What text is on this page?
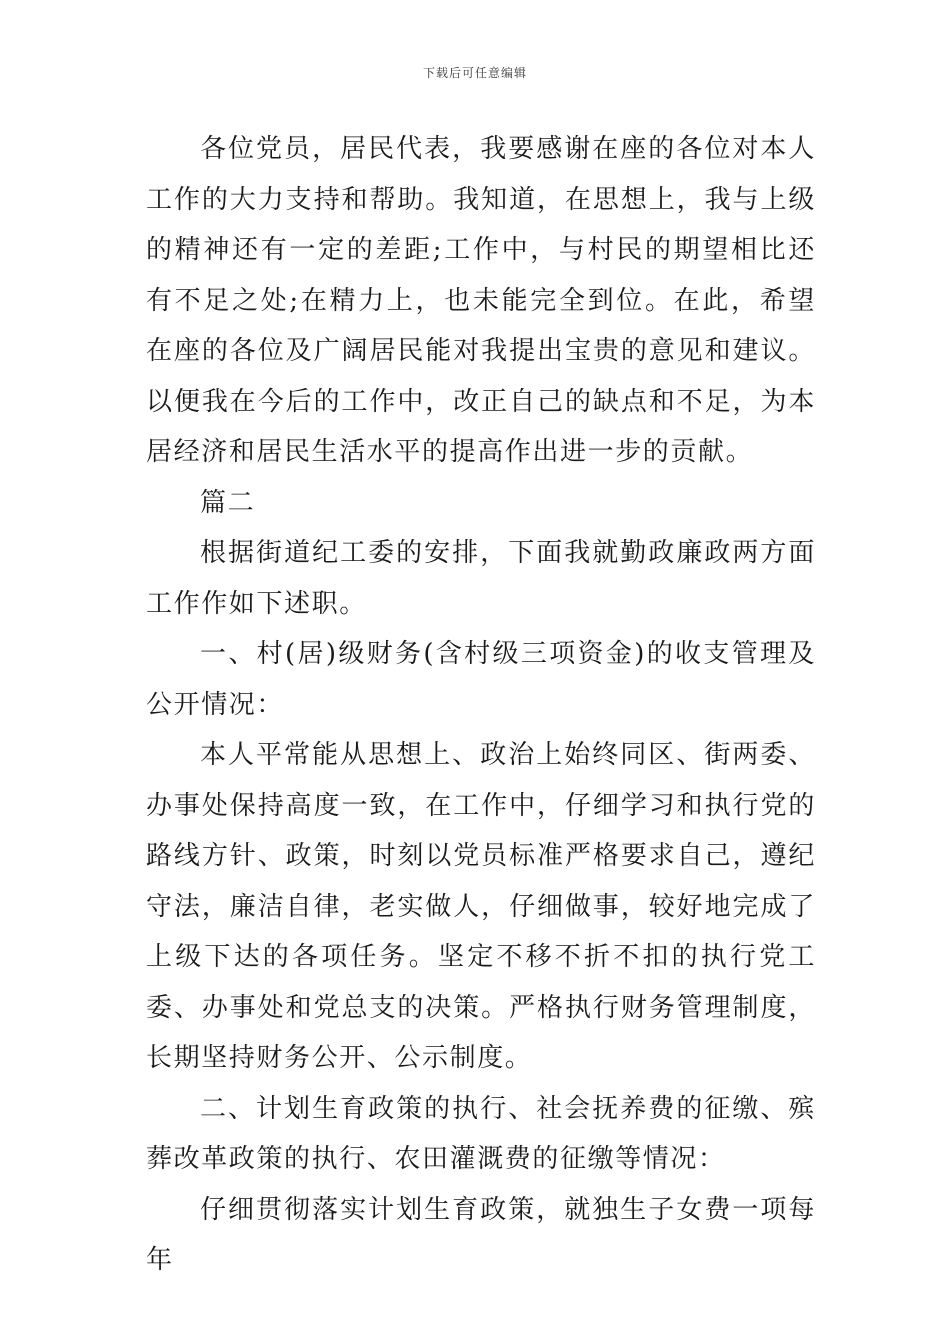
下载后可任意编辑

各位党员，居民代表，我要感谢在座的各位对本人工作的大力支持和帮助。我知道，在思想上，我与上级的精神还有一定的差距;工作中，与村民的期望相比还有不足之处;在精力上，也未能完全到位。在此，希望在座的各位及广阔居民能对我提出宝贵的意见和建议。以便我在今后的工作中，改正自己的缺点和不足，为本居经济和居民生活水平的提高作出进一步的贡献。

篇二

根据街道纪工委的安排，下面我就勤政廉政两方面工作作如下述职。

一、村(居)级财务(含村级三项资金)的收支管理及公开情况：

本人平常能从思想上、政治上始终同区、街两委、办事处保持高度一致，在工作中，仔细学习和执行党的路线方针、政策，时刻以党员标准严格要求自己，遵纪守法，廉洁自律，老实做人，仔细做事，较好地完成了上级下达的各项任务。坚定不移不折不扣的执行党工委、办事处和党总支的决策。严格执行财务管理制度，长期坚持财务公开、公示制度。

二、计划生育政策的执行、社会抚养费的征缴、殡葬改革政策的执行、农田灌溉费的征缴等情况：

仔细贯彻落实计划生育政策，就独生子女费一项每年
